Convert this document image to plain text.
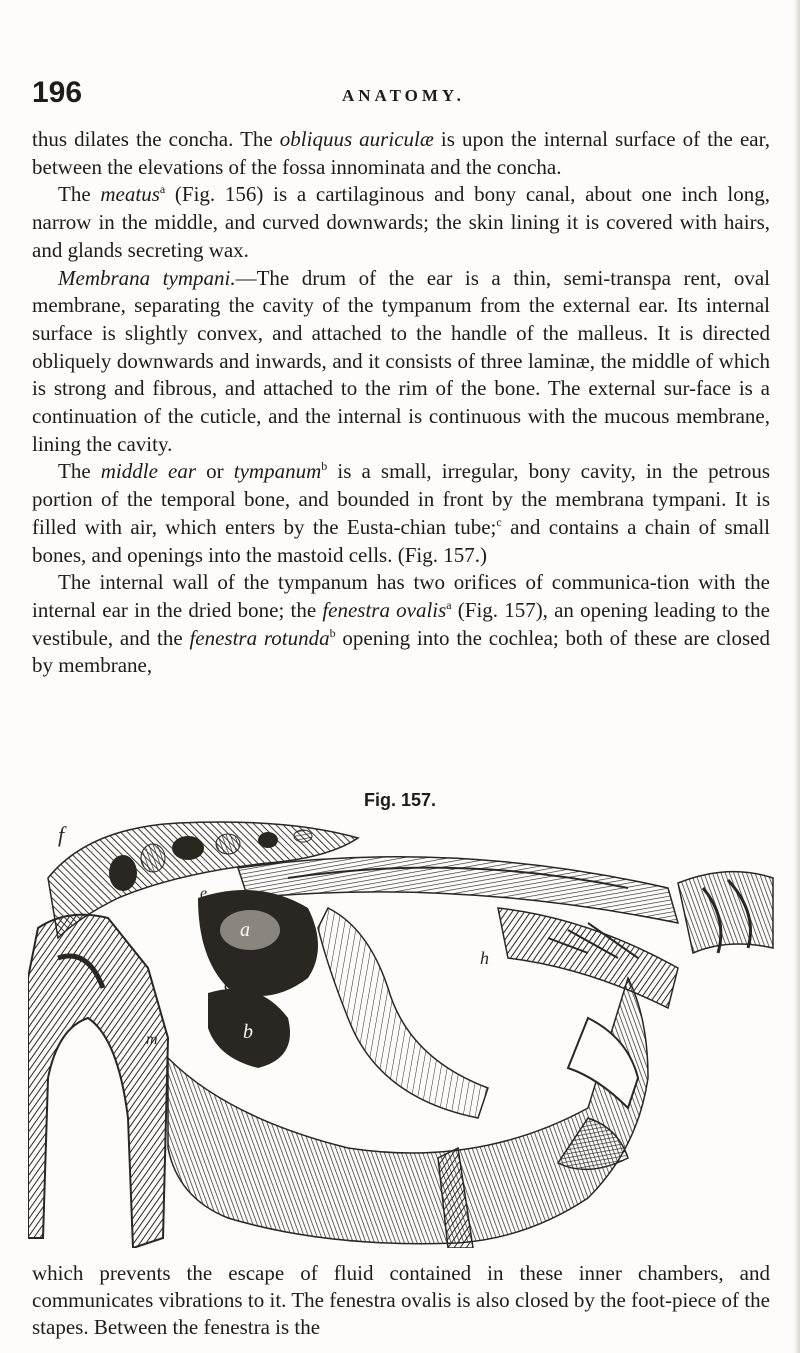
196	ANATOMY.

thus dilates the concha. The obliquus auriculæ is upon the internal surface of the ear, between the elevations of the fossa innominata and the concha.

The meatus$^a$ (Fig. 156) is a cartilaginous and bony canal, about one inch long, narrow in the middle, and curved downwards; the skin lining it is covered with hairs, and glands secreting wax.

Membrana tympani.—The drum of the ear is a thin, semi-transpa rent, oval membrane, separating the cavity of the tympanum from the external ear. Its internal surface is slightly convex, and attached to the handle of the malleus. It is directed obliquely downwards and inwards, and it consists of three laminæ, the middle of which is strong and fibrous, and attached to the rim of the bone. The external sur-face is a continuation of the cuticle, and the internal is continuous with the mucous membrane, lining the cavity.

The middle ear or tympanum$^b$ is a small, irregular, bony cavity, in the petrous portion of the temporal bone, and bounded in front by the membrana tympani. It is filled with air, which enters by the Eusta-chian tube;$^c$ and contains a chain of small bones, and openings into the mastoid cells. (Fig. 157.)

The internal wall of the tympanum has two orifices of communica-tion with the internal ear in the dried bone; the fenestra ovalis$^a$ (Fig. 157), an opening leading to the vestibule, and the fenestra rotunda$^b$ opening into the cochlea; both of these are closed by membrane,

Fig. 157.
f
e
a
d	c
b
h
m

which prevents the escape of fluid contained in these inner chambers, and communicates vibrations to it. The fenestra ovalis is also closed by the foot-piece of the stapes. Between the fenestra is the
